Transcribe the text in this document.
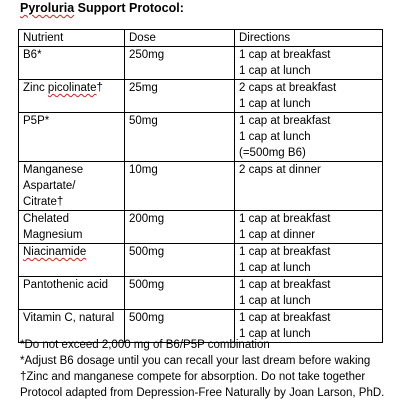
Pyroluria Support Protocol:
Nutrient	Dose	Directions

B6*	250mg	1 cap at breakfast
1 cap at lunch

Zinc picolinate†	25mg	2 caps at breakfast
1 cap at lunch

P5P*	50mg	1 cap at breakfast
1 cap at lunch
(=500mg B6)

Manganese
Aspartate/
Citrate†	10mg	2 caps at dinner

Chelated
Magnesium	200mg	1 cap at breakfast
1 cap at dinner

Niacinamide	500mg	1 cap at breakfast
1 cap at lunch

Pantothenic acid	500mg	1 cap at breakfast
1 cap at lunch

Vitamin C, natural	500mg	1 cap at breakfast
1 cap at lunch
*Do not exceed 2,000 mg of B6/P5P combination
*Adjust B6 dosage until you can recall your last dream before waking
†Zinc and manganese compete for absorption. Do not take together
Protocol adapted from Depression-Free Naturally by Joan Larson, PhD.
